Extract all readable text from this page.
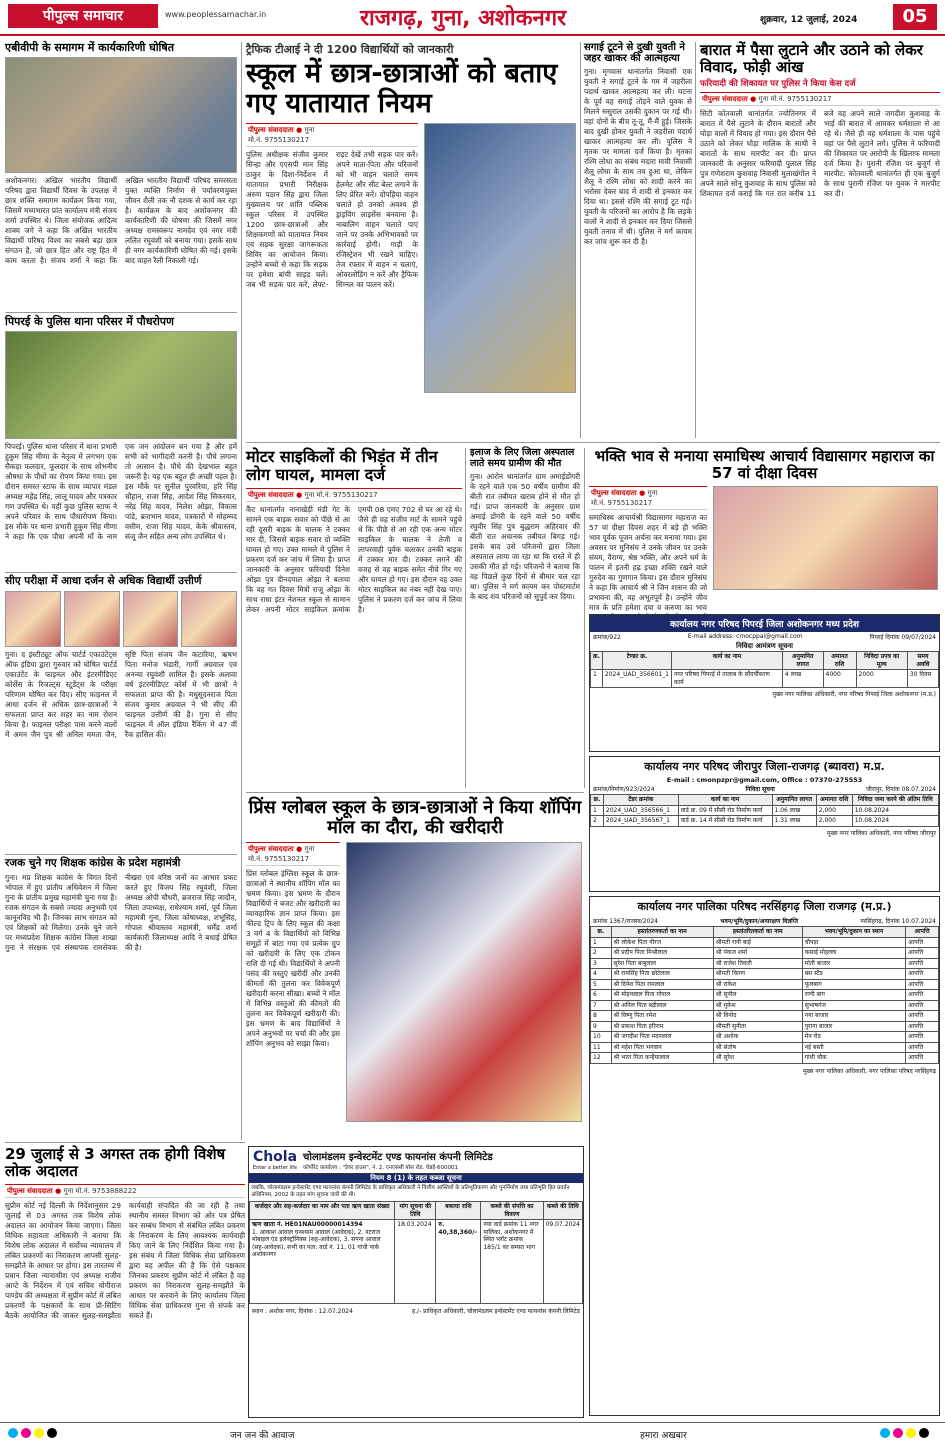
पीपुल्स समाचार	www.peoplessamachar.in	राजगढ़, गुना, अशोकनगर	शुक्रवार, 12 जुलाई, 2024	05
एबीवीपी के समागम में कार्यकारिणी घोषित
अशोकनगर। अखिल भारतीय विद्यार्थी परिषद द्वारा विद्यार्थी दिवस के उपलक्ष में छात्र शक्ति समागम कार्यक्रम किया गया, जिसमें मध्यभारत प्रांत कार्यालय मंत्री संजय शर्मा उपस्थित थे। जिला संयोजक आदित्य शाक्य जगे ने कहा कि अखिल भारतीय विद्यार्थी परिषद विश्व का सबसे बड़ा छात्र संगठन है, जो छात्र हित और राष्ट्र हित में काम करता है। संजय शर्मा ने कहा कि अखिल भारतीय विद्यार्थी परिषद समरसता युक्त व्यक्ति निर्माण से पर्यावरणयुक्त जीवन शैली तक नौ दशक से कार्य कर रहा है। कार्यक्रम के बाद अशोकनगर की कार्यकारिणी की घोषणा की जिसमें नगर अध्यक्ष रामस्वरूप नामदेव एवं नगर मंत्री ललित रघुवंशी को बनाया गया। इसके साथ ही नगर कार्यकारिणी घोषित की गई। इसके बाद वाहन रैली निकाली गई।
पिपरई के पुलिस थाना परिसर में पौधरोपण
पिपरई। पुलिस थाना परिसर में थाना प्रभारी हुकुम सिंह मीणा के नेतृत्व में लगभग एक सैकड़ा फलदार, फूलदार के साथ शोभनीय औषधा के पौधों का रोपण किया गया। इस दौरान समस्त स्टाफ के साथ व्यापार मंडल अध्यक्ष महेंद्र सिंह, लालू यादव और पत्रकार गण उपस्थित थे। यहीं कुछ पुलिस स्टाफ ने अपने परिवार के साथ पौधारोपण किया। इस मौके पर थाना प्रभारी हुकुम सिंह मीणा ने कहा कि एक पौधा अपनी माँ के नाम एक जन आंदोलन बन गया है और हमें सभी को भागीदारी करनी है। पौधे लगाना तो आसान है। पौधे की देखभाल बहुत जरूरी है। यह एक बहुत ही अच्छी पहल है। इस मौके पर सुनील पुरवरिया, हरि सिंह चौहान, राजा सिंह, आदेश सिंह सिकरवार, नरेंद्र सिंह यादव, निलेश ओझा, विकास पांडे, ब्रजभान यादव, पत्रकारों में मोहम्मद वसीम, राजा सिंह यादव, केके श्रीवास्तव, संजू जैन सहित अन्य लोग उपस्थित थे।
सीए परीक्षा में आधा दर्जन से अधिक विद्यार्थी उत्तीर्ण
गुना। द इंस्टीट्यूट ऑफ चार्टर्ड एकाउंटेंट्स ऑफ इंडिया द्वारा गुरुवार को घोषित चार्टर्ड एकाउंटेंट के फाइनल और इंटरमीडिएट कोर्सेस के रिजल्ट्स स्टूडेंट्स के परीक्षा परिणाम घोषित कर दिए। सीए फाइनल में आधा दर्जन से अधिक छात्र-छात्राओं ने सफलता प्राप्त कर शहर का नाम रोशन किया है। फाइनल परीक्षा पास करने वालों में अमन जैन पुत्र श्री अनिल ममता जैन, सृष्टि पिता संजय जैन कटारिया, ऋषभ पिता मनोज भंडारी, गार्गी अग्रवाल एवं अनन्या रघुवंशी शामिल हैं। इसके अलावा वर्ष इंटरमीडिएट कोर्स में भी छात्रों ने सफलता प्राप्त की है। मधुसूदनराज पिता संजय कुमार अग्रवाल ने भी सीए की फाइनल उत्तीर्ण की है। गुना से सीए फाइनल में ऑल इंडिया रैंकिंग में 47 वीं रैंक हासिल की।
रजक चुने गए शिक्षक कांग्रेस के प्रदेश महामंत्री
गुना। मप्र शिक्षक कांग्रेस के विगत दिनों भोपाल में हुए प्रांतीय अधिवेशन में जिला गुना के प्रांतीय प्रमुख महामंत्री चुना गया है। रजक संगठन के सबसे ज्यादा अनुभवी एवं कानूनविद भी हैं। जिनका लाभ संगठन को एवं शिक्षकों को मिलेगा। उनके चुने जाने पर मध्यप्रदेश शिक्षक कांग्रेस जिला शाखा गुना ने संरक्षक एवं संस्थापक रामसेवक नीखरा एवं वरिष्ठ जनों का आभार प्रकट करते हुए विजय सिंह रघुवंशी, जिला अध्यक्ष ओपी चौधरी, ब्रजराज सिंह जादौन, जिला उपाध्यक्ष, राधेश्याम शर्मा, पूर्व जिला महामंत्री गुना, जिला कोषाध्यक्ष, शंभूसिंह, गोपाल श्रीवास्तव महामंत्री, धर्मेंद्र शर्मा कार्यकारी जिलाध्यक्ष आदि ने बधाई प्रेषित की है।
29 जुलाई से 3 अगस्त तक होगी विशेष लोक अदालत
पीपुल्स संवाददाता ● गुना मो.नं. 9753888222
सुप्रीम कोर्ट नई दिल्ली के निर्देशानुसार 29 जुलाई से 03 अगस्त तक विशेष लोक अदालत का आयोजन किया जाएगा। जिला विधिक सहायता अधिकारी ने बताया कि विशेष लोक अदालत में सर्वोच्च न्यायालय में लंबित प्रकरणों का निराकरण आपसी सुलह-समझौते के आधार पर होगा। इस तारतम्य में प्रधान जिला न्यायाधीश एवं अध्यक्ष राजीव आप्टे के निर्देशन में एवं सचिव योगीराज पाण्डेय की अध्यक्षता में सुप्रीम कोर्ट में लंबित प्रकरणों के पक्षकारों के साथ प्री-सिटिंग बैठकें आयोजित की जाकर सुलह-समझौता कार्यवाही संपादित की जा रही है तथा स्थानीय समस्त विभाग को ओर पत्र प्रेषित कर सम्बंध विभाग से संबंधित लंबित प्रकरण के निराकरण के लिए आवश्यक कार्यवाही किए जाने के लिए निर्देशित किया गया है। इस संबंध में जिला विधिक सेवा प्राधिकरण द्वारा यह अपील की है कि ऐसे पक्षकार जिनका प्रकरण सुप्रीम कोर्ट में लंबित है वह प्रकरण का निराकरण सुलह-समझौते के आधार पर करवाने के लिए कार्यालय जिला विधिक सेवा प्राधिकरण गुना से संपर्क कर सकते हैं।
ट्रैफिक टीआई ने दी 1200 विद्यार्थियों को जानकारी
स्कूल में छात्र-छात्राओं को बताए गए यातायात नियम
पीपुल्स संवाददाता ● गुना
मो.नं. 9755130217
पुलिस अधीक्षक संजीव कुमार सिन्हा और एएसपी मान सिंह ठाकुर के दिशा-निर्देशन में यातायात प्रभारी निरीक्षक अरुण पठान सिंह द्वारा जिला मुख्यालय पर शांति पब्लिक स्कूल परिसर में उपस्थित 1200 छात्र-छात्राओं और शिक्षकगणों को यातायात नियम एवं सड़क सुरक्षा जागरूकता शिविर का आयोजन किया। उन्होंने बच्चों से कहा कि सड़क पर हमेशा बांयी साइड चलें। जब भी सड़क पार करें, लेफ्ट-राइट देखें तभी सड़क पार करें। अपने माता-पिता और परिजनों को भी वाहन चलाते समय हेलमेट और सीट बेल्ट लगाने के लिए प्रेरित करें। दोपहिया वाहन चलाते हो उनको अवश्य ही ड्राइविंग लाइसेंस बनवाना है। नाबालिग वाहन चलाते पाए जाने पर उनके अभिभावकों पर कार्रवाई होगी। गाड़ी के रजिस्ट्रेशन भी रखने चाहिए। तेज रफ्तार में वाहन न चलाएं, ओवरलोडिंग न करें और ट्रैफिक सिग्नल का पालन करें।
सगाई टूटने से दुखी युवती ने जहर खाकर की आत्महत्या
गुना। मृगवास थानांतर्गत निवासी एक युवती ने सगाई टूटने के गम में जहरीला पदार्थ खाकर आत्महत्या कर ली। घटना के पूर्व वह सगाई तोड़ने वाले युवक से मिलने ससुराल उसकी दुकान पर गई थी। वहां दोनों के बीच तू-तू, मैं-मैं हुई। जिसके बाद दुखी होकर युवती ने जहरीला पदार्थ खाकर आत्महत्या कर ली। पुलिस ने मृतक पर मामला दर्ज किया है। मृतका रश्मि लोधा का संबंध मदारा मावी निवासी शैलू लोधा के साथ तय हुआ था, लेकिन शैलू ने रश्मि लोधा को शादी करने का भरोसा देकर बाद में शादी से इनकार कर दिया था। इससे रश्मि की सगाई टूट गई। युवती के परिजनों का आरोप है कि लड़के वालों ने शादी से इनकार कर दिया जिससे युवती तनाव में थी। पुलिस ने मर्ग कायम कर जांच शुरू कर दी है।
बारात में पैसा लुटाने और उठाने को लेकर विवाद, फोड़ी आंख
फरियादी की शिकायत पर पुलिस ने किया केस दर्ज
पीपुल्स संवाददाता ● गुना मो.नं. 9755130217
सिटी कोतवाली थानांतर्गत ज्योतिनगर में बारात में पैसे लुटाने के दौरान बारातों और घोड़ा वालों में विवाद हो गया। इस दौरान पैसे उठाने को लेकर घोड़ा मालिक के साथी ने बारातों के साथ मारपीट कर दी। प्राप्त जानकारी के अनुसार फरियादी पुलाल सिंह पुत्र गणेशराम कुशवाह निवासी मुलाखंगोल ने अपने साले सोनू कुशवाह के साथ पुलिस को शिकायत दर्ज कराई कि गत रात करीब 11 बजे वह अपने साले जगदीश कुशवाह के भाई की बारात में आयकर धर्मशाला से आ रहे थे। जैसे ही वह धर्मशाला के पास पहुंचे वहां पर पैसे लुटाने लगे। पुलिस ने फरियादी की शिकायत पर आरोपी के खिलाफ मामला दर्ज किया है। पुरानी रंजिश पर बुजुर्ग से मारपीट: कोतवाली थानांतर्गत ही एक बुजुर्ग के साथ पुरानी रंजिश पर युवक ने मारपीट कर दी।
मोटर साइकिलों की भिड़ंत में तीन लोग घायल, मामला दर्ज
पीपुल्स संवाददाता ● गुना मो.नं. 9755130217
कैंट थानांतर्गत नानाखेड़ी मंडी गेट के सामने एक बाइक सवार को पीछे से आ रही दूसरी बाइक के चालक ने टक्कर मार दी, जिससे बाइक सवार दो व्यक्ति घायल हो गए। उक्त मामले में पुलिस ने प्रकरण दर्ज कर जांच में लिया है। प्राप्त जानकारी के अनुसार फरियादी दिनेश ओझा पुत्र दीनदयाल ओझा ने बताया कि वह गत दिवस मित्रों राजू ओझा के साथ राधा इंटर नेशनल स्कूल से सामान लेकर अपनी मोटर साइकिल क्रमांक एमपी 08 एमए 702 से घर आ रहे थे। जैसे ही वह संजीव मार्ट के सामने पहुंचे थे कि पीछे से आ रही एक अन्य मोटर साइकिल के चालक ने तेजी व लापरवाही पूर्वक चलाकर उनकी बाइक में टक्कर मार दी। टक्कर लगने की वजह से वह बाइक समेत नीचे गिर गए और घायल हो गए। इस दौरान वह उक्त मोटर साइकिल का नंबर नहीं देख पाए। पुलिस ने प्रकरण दर्ज कर जांच में लिया है।
इलाज के लिए जिला अस्पताल लाते समय ग्रामीण की मौत
गुना। आरोन थानांतर्गत ग्राम अमाईडोंगरी के रहने वाले एक 50 वर्षीय ग्रामीण की बीती रात तबीयत खराब होने से मौत हो गई। प्राप्त जानकारी के अनुसार ग्राम अमाई डोंगरी के रहने वाले 50 वर्षीय रघुवीर सिंह पुत्र बुद्धराम अहिरवार की बीती रात अचानक तबीयत बिगड़ गई। इसके बाद उसे परिजनों द्वारा जिला अस्पताल लाया जा रहा था कि रास्ते में ही उसकी मौत हो गई। परिजनों ने बताया कि वह पिछले कुछ दिनों से बीमार चल रहा था। पुलिस ने मर्ग कायम कर पोस्टमार्टम के बाद शव परिजनों को सुपुर्द कर दिया।
भक्ति भाव से मनाया समाधिस्थ आचार्य विद्यासागर महाराज का 57 वां दीक्षा दिवस
पीपुल्स संवाददाता ● गुना
मो.नं. 9755130217
समाधिस्थ आचार्यश्री विद्यासागर महाराज का 57 वां दीक्षा दिवस शहर में बड़े ही भक्ति भाव पूर्वक पूजन अर्चना कर मनाया गया। इस अवसर पर मुनिसंघ ने उनके जीवन पर उनके संयम, वैराग्य, श्रेष्ठ भक्ति, और अपने धर्म के पालन में इतनी हढ़ इच्छा शक्ति रखने वाले गुरुदेव का गुणगान किया। इस दौरान मुनिसंघ ने कहा कि आचार्य श्री ने जिन शासन की जो प्रभावना की, वह अभूतपूर्व है। उन्होंने जीव मात्र के प्रति हमेशा दया व करुणा का भाव
कार्यालय नगर परिषद पिपरई जिला अशोकनगर मध्य प्रदेश
क्रमांक/922	E-mail address: cmocppai@gmail.com	पिपरई दिनांक 09/07/2024
निविदा आमंत्रण सूचना
क्र.	टेण्डर क्र.	कार्य का नाम	अनुमानित लागत	अमानत राशि	निविदा प्रपत्र का मूल्य	समय अवधि
1	2024_UAD_356601_1	नगर परिषद पिपरई में तालाब के सौंदर्यीकरण कार्य	4 लाख	4000	2000	30 दिवस
मुख्य नगर पालिका अधिकारी, नगर परिषद पिपरई जिला अशोकनगर (म.प्र.)
कार्यालय नगर परिषद जीरापुर जिला-राजगढ़ (ब्यावरा) म.प्र.
E-mail : cmonpzpr@gmail.com, Office : 07370-275553
क्रमांक/निर्माण/923/2024	निविदा सूचना	जीरापुर, दिनांक 08.07.2024
क्र.	टेंडर क्रमांक	कार्य का नाम	अनुमानित लागत	अमानत राशि	निविदा जमा करने की अंतिम तिथि
1	2024_UAD_356566_1	वार्ड क्र. 09 में सीसी रोड निर्माण कार्य	1.06 लाख	2,000	10.08.2024
2	2024_UAD_356567_1	वार्ड क्र. 14 में सीसी रोड निर्माण कार्य	1.31 लाख	2,000	10.08.2024
मुख्य नगर पालिका अधिकारी, नगर परिषद जीरापुर
प्रिंस ग्लोबल स्कूल के छात्र-छात्राओं ने किया शॉपिंग मॉल का दौरा, की खरीदारी
पीपुल्स संवाददाता ● गुना
मो.नं. 9755130217
प्रिंस ग्लोबल इंग्लिश स्कूल के छात्र-छात्राओं ने स्थानीय शॉपिंग मॉल का भ्रमण किया। इस भ्रमण के दौरान विद्यार्थियों ने बजट और खरीदारी का व्यावहारिक ज्ञान प्राप्त किया। इस फील्ड ट्रिप के लिए स्कूल की कक्षा 3 वर्ग 4 के विद्यार्थियों को विभिन्न समूहों में बांटा गया एवं प्रत्येक ग्रुप को खरीदारी के लिए एक टोकन राशि दी गई थी। विद्यार्थियों ने अपनी पसंद की वस्तुएं खरीदीं और उनकी कीमतों की तुलना कर विवेकपूर्ण खरीदारी करना सीखा। बच्चों ने मॉल में विभिन्न वस्तुओं की कीमतों की तुलना कर विवेकपूर्ण खरीदारी की। इस भ्रमण के बाद विद्यार्थियों ने अपने अनुभवों पर चर्चा की और इस शॉपिंग अनुभव को साझा किया।
कार्यालय नगर पालिका परिषद नरसिंहगढ़ जिला राजगढ़ (म.प्र.)
क्रमांक 1367/राजस्व/2024	भवन/भूमि/दुकान/अनारक्षण विज्ञप्ति	नरसिंहगढ़, दिनांक 10.07.2024
क्र.	हस्तांतरणकर्ता का नाम	हस्तांतरितकर्ता का नाम	भवन/भूमि/दुकान का स्थान	आपत्ति
1	श्री लोकेश पिता नीरज	श्रीमती रानी बाई	चौपड़ा	आपत्ति
2	श्री प्रदीप पिता मिश्रीलाल	श्री पंकज शर्मा	कसाई मोहल्ला	आपत्ति
3	सुरेश पिता बाबूलाल	श्री राजेश तिवारी	मोती बाजार	आपत्ति
4	श्री रामसिंह पिता छोटेलाल	श्रीमती किरण	बस स्टैंड	आपत्ति
5	श्री दिनेश पिता रामलाल	श्री राकेश	फूलबाग	आपत्ति
6	श्री मोहनलाल पिता गोपाल	श्री सुनील	राणी बाग	आपत्ति
7	श्री अनिल पिता बद्रीलाल	श्री मुकेश	सुभाषगंज	आपत्ति
8	श्री विष्णु पिता रमेश	श्री विनोद	नया बाजार	आपत्ति
9	श्री प्रकाश पिता हरिराम	श्रीमती सुनीता	पुराना बाजार	आपत्ति
10	श्री जगदीश पिता मदनलाल	श्री अशोक	मेन रोड	आपत्ति
11	श्री महेश पिता भगवान	श्री संतोष	नई बस्ती	आपत्ति
12	श्री भरत पिता कन्हैयालाल	श्री सुरेश	गांधी चौक	आपत्ति
मुख्य नगर पालिका अधिकारी, नगर पालिका परिषद नरसिंहगढ़
Chola
Enter a better life
चोलामंडलम इन्वेस्टमेंट एण्ड फायनांस कंपनी लिमिटेड
कॉर्पोरेट कार्यालय : "डेयर हाउस", नं. 2, एनएससी बोस रोड, चेन्नई-600001
नियम 8 (1) के तहत कब्जा सूचना
जबकि, चोलामंडलम इन्वेस्टमेंट एण्ड फायनांस कंपनी लिमिटेड के प्राधिकृत अधिकारी ने वित्तीय आस्तियों के प्रतिभूतिकरण और पुनर्निर्माण तथा प्रतिभूति हित प्रवर्तन अधिनियम, 2002 के तहत मांग सूचना जारी की थी।
कर्जदार और सह-कर्जदार का नाम और पता ऋण खाता संख्या	मांग सूचना की तिथि	बकाया राशि	कब्जे की संपत्ति का विवरण	कब्जे की तिथि
ऋण खाता नं. HE01NAU00000014394
1. आकाश आवाल घनश्याम आवाल (आवेदक), 2. नटराज मोबाइल एंड इलेक्ट्रॉनिक्स (सह-आवेदक), 3. सपना आवाल (सह-आवेदक), सभी का पता: वार्ड नं. 11, 01 गांधी पार्क अशोकनगर	18.03.2024	रु. 40,38,360/-	नया वार्ड क्रमांक 11 नगर पालिका, अशोकनगर में स्थित प्लॉट क्रमांक 185/1 का समस्त भाग	09.07.2024
स्थान : अशोक नगर, दिनांक : 12.07.2024	ह./- प्राधिकृत अधिकारी, चोलामंडलम इन्वेस्टमेंट एण्ड फायनांस कंपनी लिमिटेड
जन जन की आवाज	हमारा अखबार
